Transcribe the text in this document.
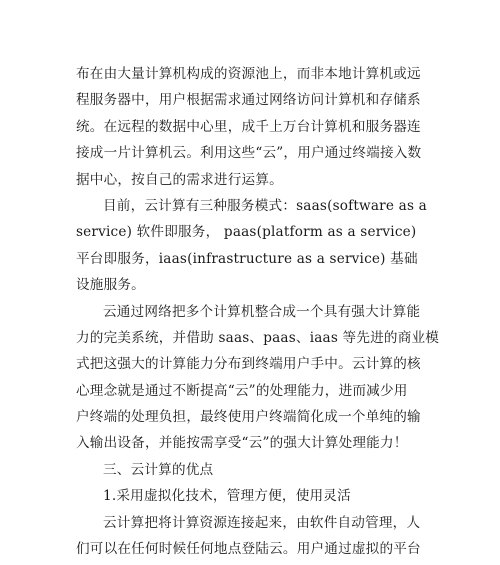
布在由大量计算机构成的资源池上，而非本地计算机或远
程服务器中，用户根据需求通过网络访问计算机和存储系
统。在远程的数据中心里，成千上万台计算机和服务器连
接成一片计算机云。利用这些“云”，用户通过终端接入数
据中心，按自己的需求进行运算。
目前，云计算有三种服务模式：saas(software as a
service) 软件即服务， paas(platform as a service)
平台即服务，iaas(infrastructure as a service) 基础
设施服务。
云通过网络把多个计算机整合成一个具有强大计算能
力的完美系统，并借助 saas、paas、iaas 等先进的商业模
式把这强大的计算能力分布到终端用户手中。云计算的核
心理念就是通过不断提高“云”的处理能力，进而减少用
户终端的处理负担，最终使用户终端简化成一个单纯的输
入输出设备，并能按需享受“云”的强大计算处理能力！
三、云计算的优点
1.采用虚拟化技术，管理方便，使用灵活
云计算把将计算资源连接起来，由软件自动管理，人
们可以在任何时候任何地点登陆云。用户通过虚拟的平台
